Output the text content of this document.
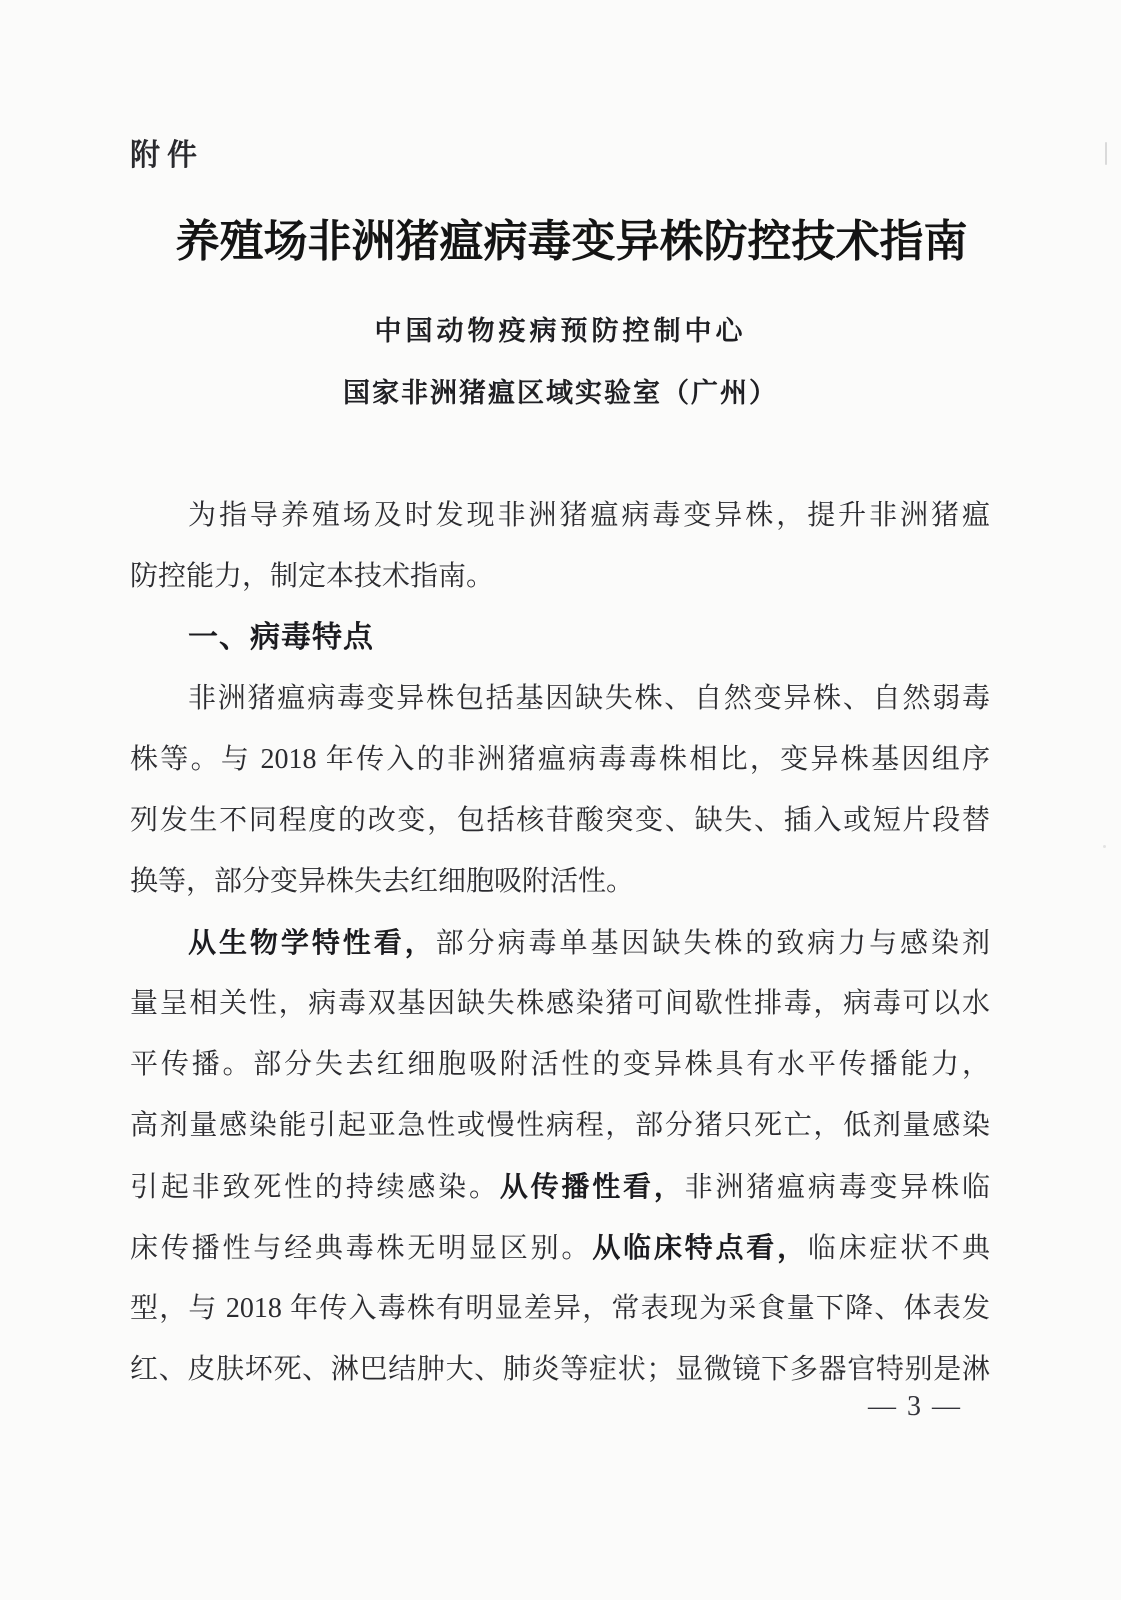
附件
养殖场非洲猪瘟病毒变异株防控技术指南
中国动物疫病预防控制中心
国家非洲猪瘟区域实验室（广州）
为指导养殖场及时发现非洲猪瘟病毒变异株，提升非洲猪瘟
防控能力，制定本技术指南。
一、病毒特点
非洲猪瘟病毒变异株包括基因缺失株、自然变异株、自然弱毒
株等。与 2018 年传入的非洲猪瘟病毒毒株相比，变异株基因组序
列发生不同程度的改变，包括核苷酸突变、缺失、插入或短片段替
换等，部分变异株失去红细胞吸附活性。
从生物学特性看，部分病毒单基因缺失株的致病力与感染剂
量呈相关性，病毒双基因缺失株感染猪可间歇性排毒，病毒可以水
平传播。部分失去红细胞吸附活性的变异株具有水平传播能力，
高剂量感染能引起亚急性或慢性病程，部分猪只死亡，低剂量感染
引起非致死性的持续感染。从传播性看，非洲猪瘟病毒变异株临
床传播性与经典毒株无明显区别。从临床特点看，临床症状不典
型，与 2018 年传入毒株有明显差异，常表现为采食量下降、体表发
红、皮肤坏死、淋巴结肿大、肺炎等症状；显微镜下多器官特别是淋
— 3 —
